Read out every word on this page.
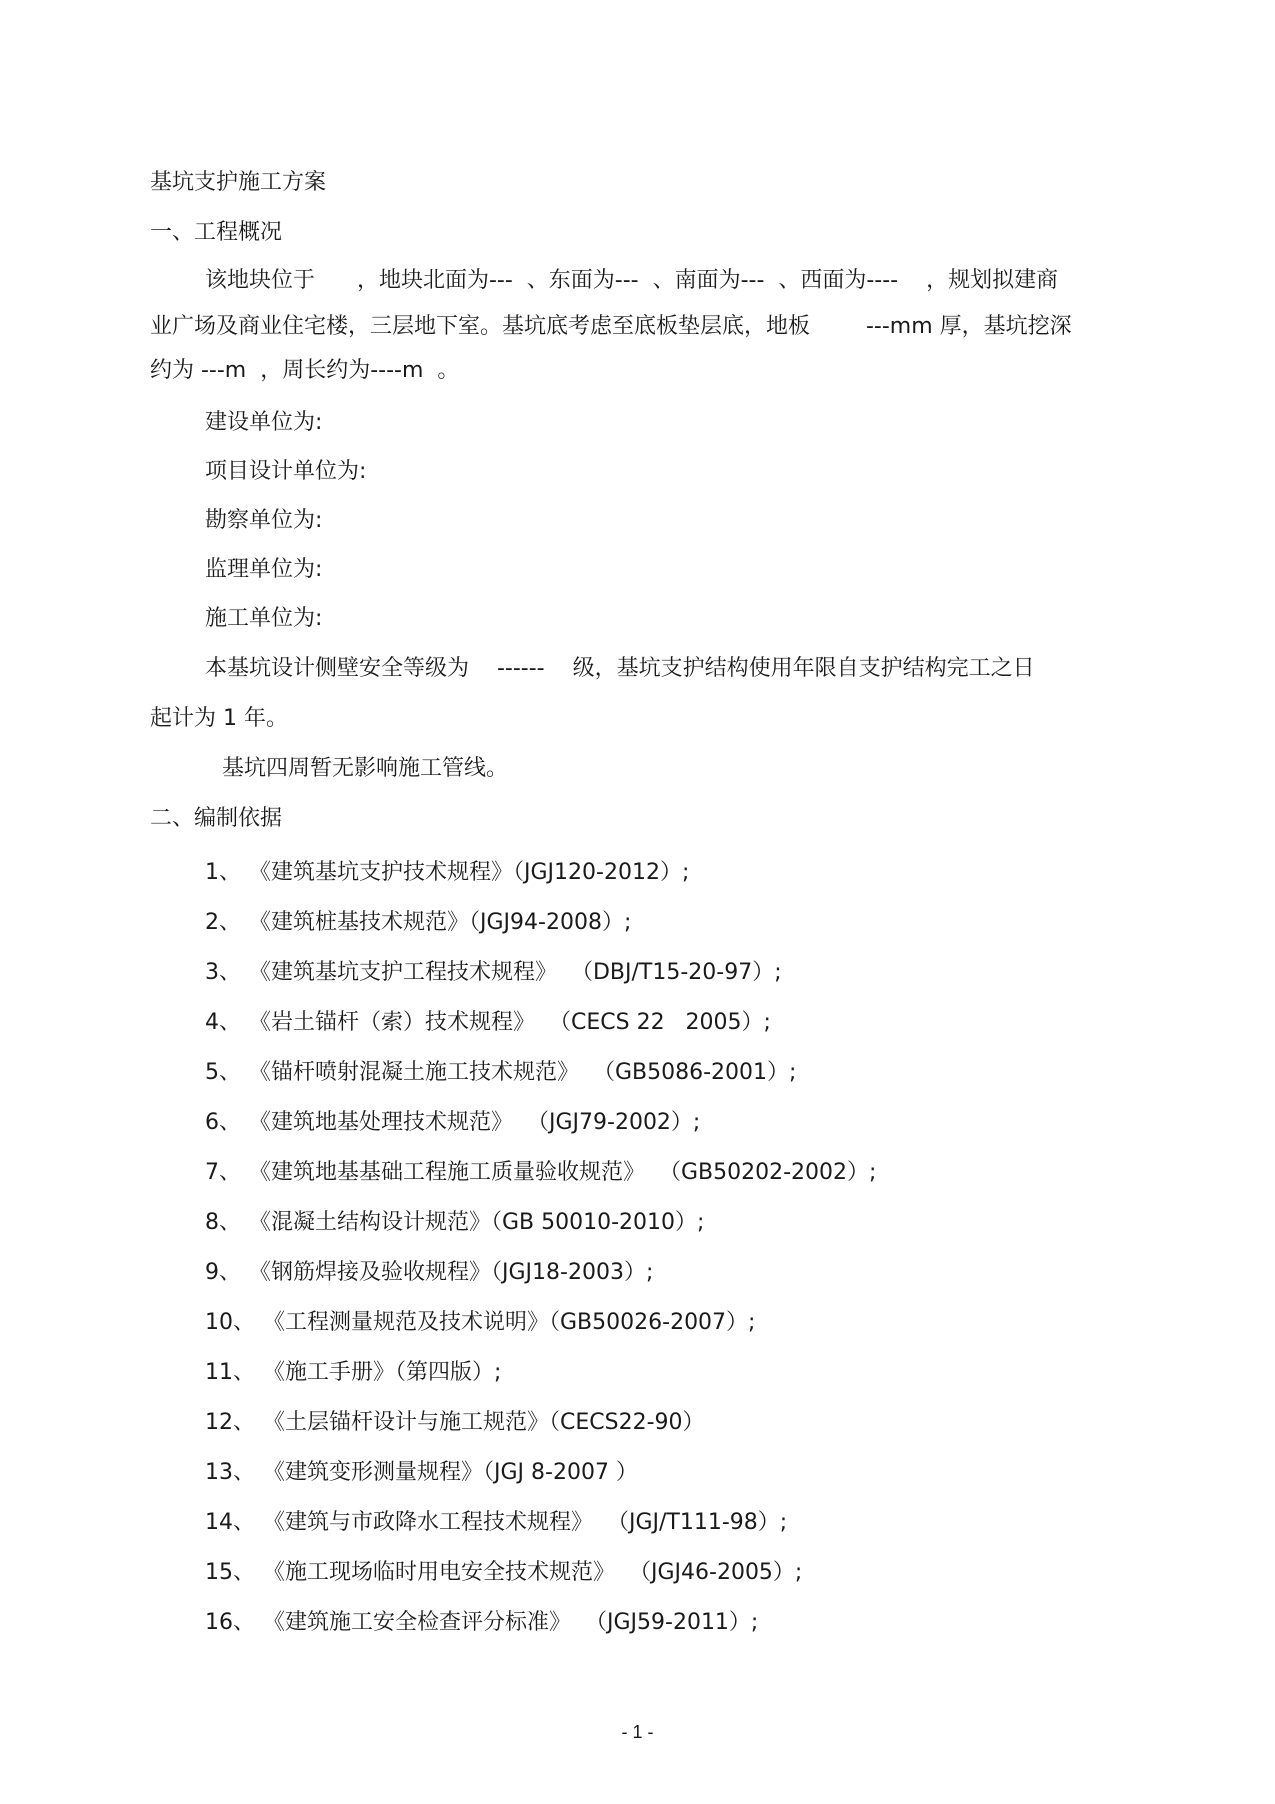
基坑支护施工方案
一、工程概况
该地块位于      ，地块北面为---  、东面为---  、南面为---  、西面为----    ，规划拟建商
业广场及商业住宅楼，三层地下室。基坑底考虑至底板垫层底，地板        ---mm 厚，基坑挖深
约为 ---m  ，周长约为----m  。
建设单位为:
项目设计单位为:
勘察单位为:
监理单位为:
施工单位为:
本基坑设计侧壁安全等级为    ------    级，基坑支护结构使用年限自支护结构完工之日
起计为 1 年。
基坑四周暂无影响施工管线。
二、编制依据
1、 《建筑基坑支护技术规程》（JGJ120-2012）;
2、 《建筑桩基技术规范》（JGJ94-2008）;
3、 《建筑基坑支护工程技术规程》  （DBJ/T15-20-97）;
4、 《岩土锚杆（索）技术规程》  （CECS 22   2005）;
5、 《锚杆喷射混凝土施工技术规范》  （GB5086-2001）;
6、 《建筑地基处理技术规范》  （JGJ79-2002）;
7、 《建筑地基基础工程施工质量验收规范》  （GB50202-2002）;
8、 《混凝土结构设计规范》（GB 50010-2010）;
9、 《钢筋焊接及验收规程》（JGJ18-2003）;
10、 《工程测量规范及技术说明》（GB50026-2007）;
11、 《施工手册》（第四版）;
12、 《土层锚杆设计与施工规范》（CECS22-90）
13、 《建筑变形测量规程》（JGJ 8-2007 ）
14、 《建筑与市政降水工程技术规程》  （JGJ/T111-98）;
15、 《施工现场临时用电安全技术规范》  （JGJ46-2005）;
16、 《建筑施工安全检查评分标准》  （JGJ59-2011）;
- 1 -
